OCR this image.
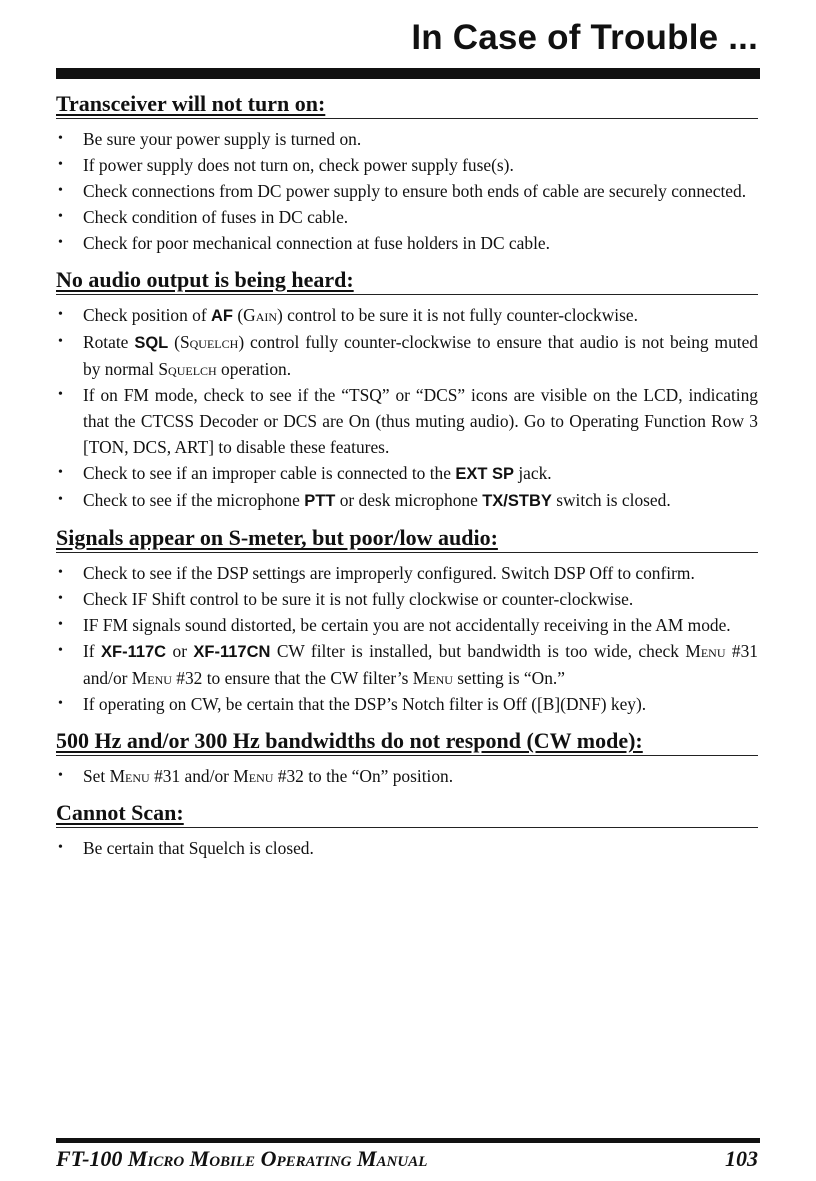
In Case of Trouble ...
Transceiver will not turn on:
• Be sure your power supply is turned on.
• If power supply does not turn on, check power supply fuse(s).
• Check connections from DC power supply to ensure both ends of cable are securely connected.
• Check condition of fuses in DC cable.
• Check for poor mechanical connection at fuse holders in DC cable.
No audio output is being heard:
• Check position of AF (Gain) control to be sure it is not fully counter-clockwise.
• Rotate SQL (Squelch) control fully counter-clockwise to ensure that audio is not being muted by normal Squelch operation.
• If on FM mode, check to see if the “TSQ” or “DCS” icons are visible on the LCD, indicating that the CTCSS Decoder or DCS are On (thus muting audio). Go to Operating Function Row 3 [TON, DCS, ART] to disable these features.
• Check to see if an improper cable is connected to the EXT SP jack.
• Check to see if the microphone PTT or desk microphone TX/STBY switch is closed.
Signals appear on S-meter, but poor/low audio:
• Check to see if the DSP settings are improperly configured. Switch DSP Off to confirm.
• Check IF Shift control to be sure it is not fully clockwise or counter-clockwise.
• IF FM signals sound distorted, be certain you are not accidentally receiving in the AM mode.
• If XF-117C or XF-117CN CW filter is installed, but bandwidth is too wide, check Menu #31 and/or Menu #32 to ensure that the CW filter’s Menu setting is “On.”
• If operating on CW, be certain that the DSP’s Notch filter is Off ([B](DNF) key).
500 Hz and/or 300 Hz bandwidths do not respond (CW mode):
• Set Menu #31 and/or Menu #32 to the “On” position.
Cannot Scan:
• Be certain that Squelch is closed.
FT-100 Micro Mobile Operating Manual	103
